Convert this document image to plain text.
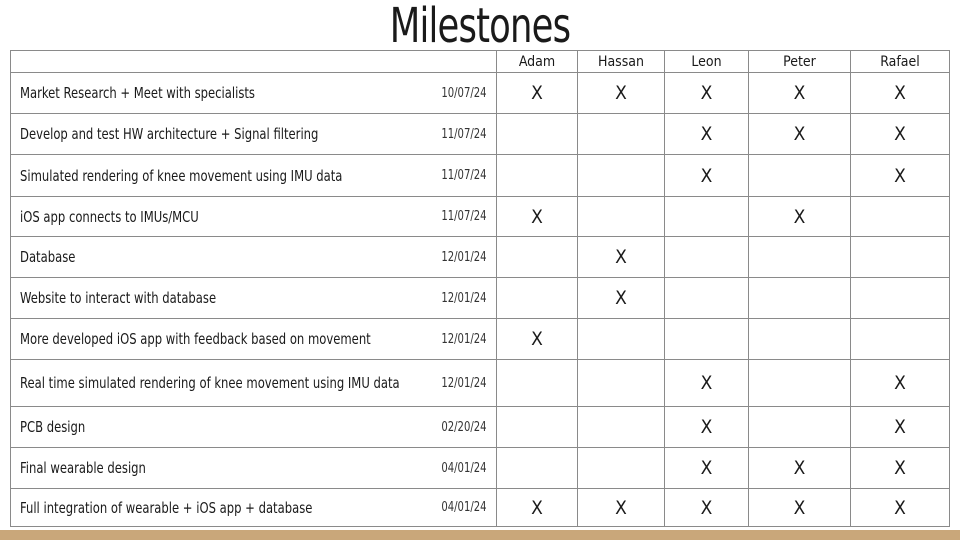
Milestones
		Adam	Hassan	Leon	Peter	Rafael
Market Research + Meet with specialists	10/07/24	X	X	X	X	X
Develop and test HW architecture + Signal filtering	11/07/24			X	X	X
Simulated rendering of knee movement using IMU data	11/07/24			X		X
iOS app connects to IMUs/MCU	11/07/24	X			X	
Database	12/01/24		X			
Website to interact with database	12/01/24		X			
More developed iOS app with feedback based on movement	12/01/24	X				
Real time simulated rendering of knee movement using IMU data	12/01/24			X		X
PCB design	02/20/24			X		X
Final wearable design	04/01/24			X	X	X
Full integration of wearable + iOS app + database	04/01/24	X	X	X	X	X
